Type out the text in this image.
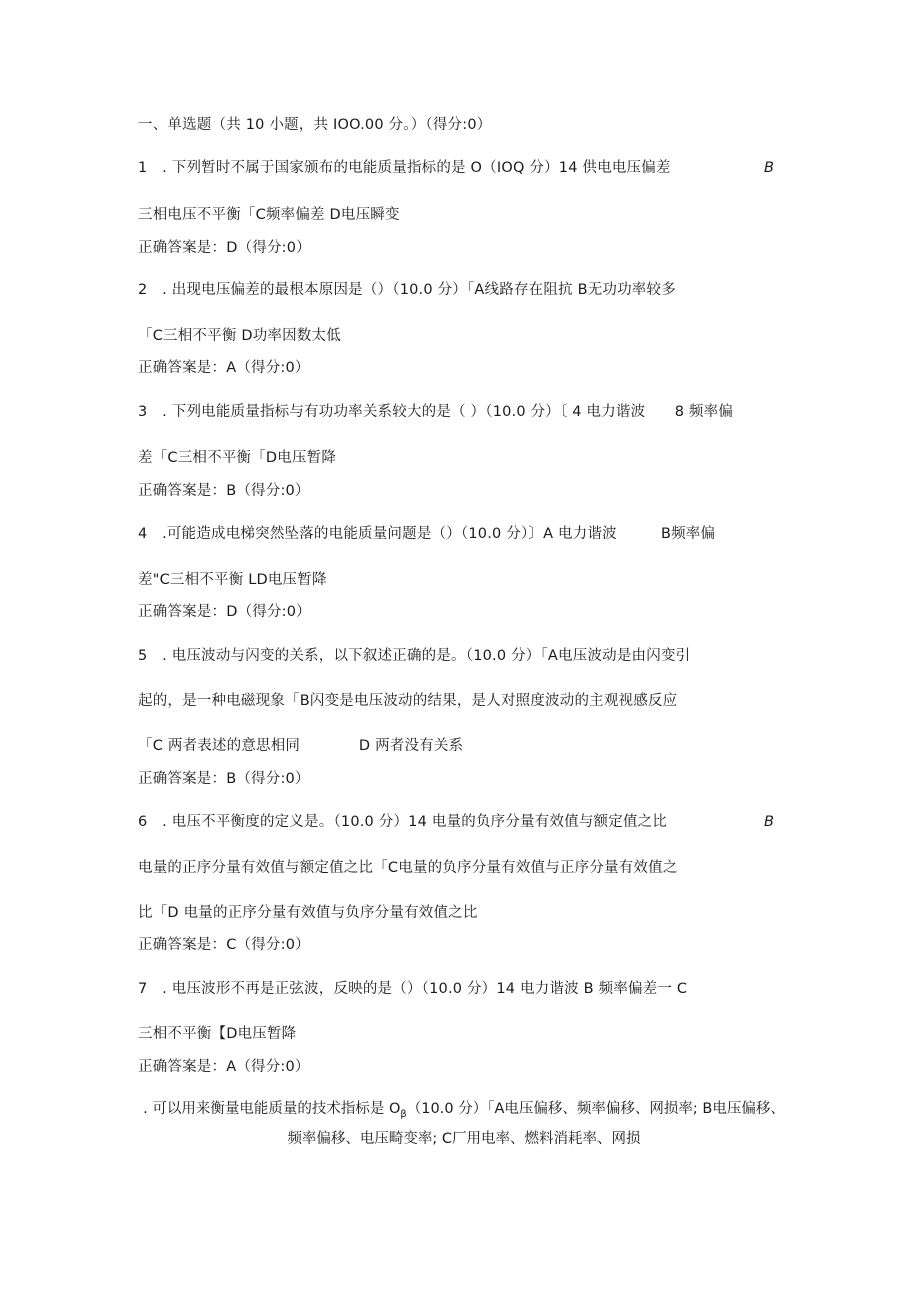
一、单选题（共 10 小题，共 IOO.00 分。）（得分:0）
1　. 下列暂时不属于国家颁布的电能质量指标的是 O（IOQ 分）14 供电电压偏差	B
三相电压不平衡「C频率偏差 D电压瞬变
正确答案是：D（得分:0）
2　. 出现电压偏差的最根本原因是（）（10.0 分）「A线路存在阻抗 B无功功率较多
「C三相不平衡 D功率因数太低
正确答案是：A（得分:0）
3　. 下列电能质量指标与有功功率关系较大的是（ ）（10.0 分）〔 4 电力谐波　　8 频率偏
差「C三相不平衡「D电压暂降
正确答案是：B（得分:0）
4　.可能造成电梯突然坠落的电能质量问题是（）（10.0 分）〕A 电力谐波　　　B频率偏
差"C三相不平衡 LD电压暂降
正确答案是：D（得分:0）
5　. 电压波动与闪变的关系，以下叙述正确的是。（10.0 分）「A电压波动是由闪变引
起的，是一种电磁现象「B闪变是电压波动的结果，是人对照度波动的主观视感反应
「C 两者表述的意思相同　　　　D 两者没有关系
正确答案是：B（得分:0）
6　. 电压不平衡度的定义是。（10.0 分）14 电量的负序分量有效值与额定值之比	B
电量的正序分量有效值与额定值之比「C电量的负序分量有效值与正序分量有效值之
比「D 电量的正序分量有效值与负序分量有效值之比
正确答案是：C（得分:0）
7　. 电压波形不再是正弦波，反映的是（）（10.0 分）14 电力谐波 B 频率偏差一 C
三相不平衡【D电压暂降
正确答案是：A（得分:0）
. 可以用来衡量电能质量的技术指标是 $O_\beta(10.0$ 分）「A电压偏移、频率偏移、网损率; B电压偏移、频率偏移、电压畸变率; C厂用电率、燃料消耗率、网损
